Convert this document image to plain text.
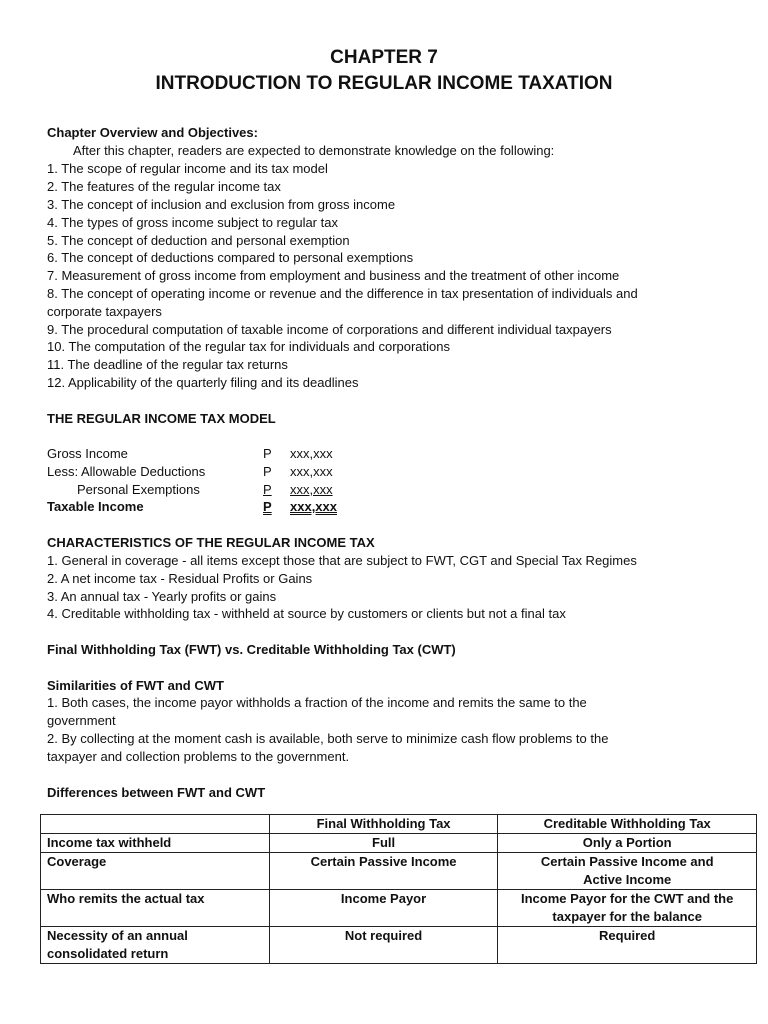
CHAPTER 7
INTRODUCTION TO REGULAR INCOME TAXATION
Chapter Overview and Objectives:
After this chapter, readers are expected to demonstrate knowledge on the following:
1. The scope of regular income and its tax model
2. The features of the regular income tax
3. The concept of inclusion and exclusion from gross income
4. The types of gross income subject to regular tax
5. The concept of deduction and personal exemption
6. The concept of deductions compared to personal exemptions
7. Measurement of gross income from employment and business and the treatment of other income
8. The concept of operating income or revenue and the difference in tax presentation of individuals and
corporate taxpayers
9. The procedural computation of taxable income of corporations and different individual taxpayers
10. The computation of the regular tax for individuals and corporations
11. The deadline of the regular tax returns
12. Applicability of the quarterly filing and its deadlines
THE REGULAR INCOME TAX MODEL
Gross Income	P xxx,xxx
Less: Allowable Deductions	P xxx,xxx
Personal Exemptions	P xxx,xxx
Taxable Income	P xxx,xxx
CHARACTERISTICS OF THE REGULAR INCOME TAX
1. General in coverage - all items except those that are subject to FWT, CGT and Special Tax Regimes
2. A net income tax - Residual Profits or Gains
3. An annual tax - Yearly profits or gains
4. Creditable withholding tax - withheld at source by customers or clients but not a final tax
Final Withholding Tax (FWT) vs. Creditable Withholding Tax (CWT)
Similarities of FWT and CWT
1. Both cases, the income payor withholds a fraction of the income and remits the same to the
government
2. By collecting at the moment cash is available, both serve to minimize cash flow problems to the
taxpayer and collection problems to the government.
Differences between FWT and CWT
	Final Withholding Tax	Creditable Withholding Tax
Income tax withheld	Full	Only a Portion
Coverage	Certain Passive Income	Certain Passive Income and Active Income
Who remits the actual tax	Income Payor	Income Payor for the CWT and the taxpayer for the balance
Necessity of an annual consolidated return	Not required	Required
